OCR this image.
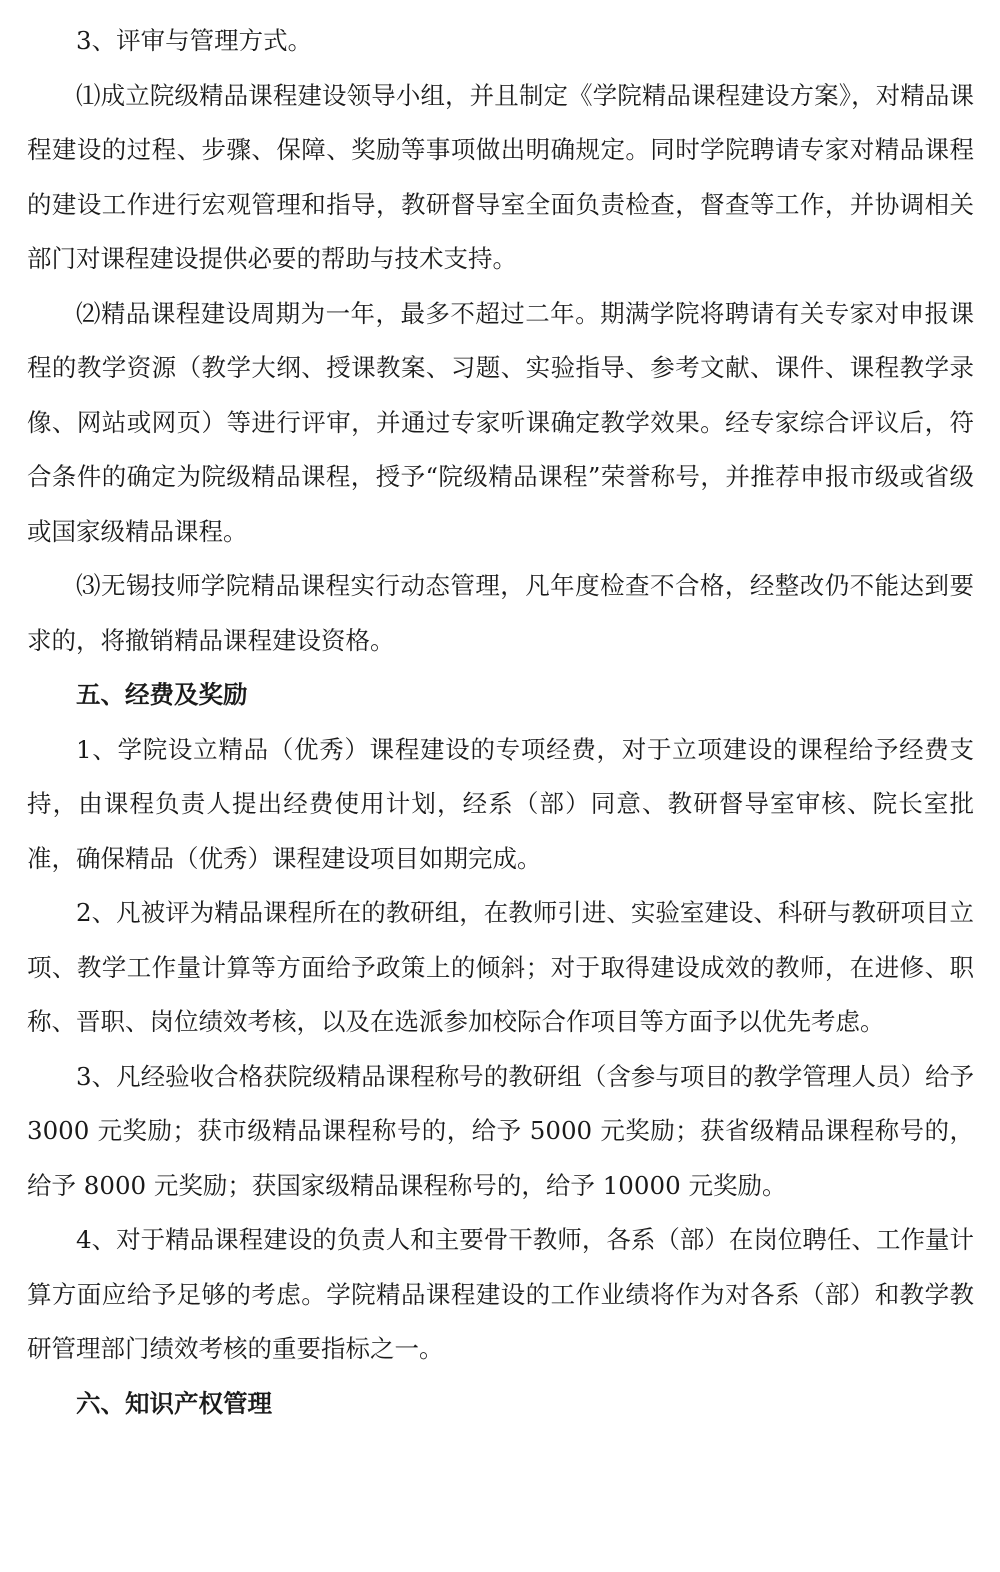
3、评审与管理方式。

⑴成立院级精品课程建设领导小组，并且制定《学院精品课程建设方案》，对精品课程建设的过程、步骤、保障、奖励等事项做出明确规定。同时学院聘请专家对精品课程的建设工作进行宏观管理和指导，教研督导室全面负责检查，督查等工作，并协调相关部门对课程建设提供必要的帮助与技术支持。

⑵精品课程建设周期为一年，最多不超过二年。期满学院将聘请有关专家对申报课程的教学资源（教学大纲、授课教案、习题、实验指导、参考文献、课件、课程教学录像、网站或网页）等进行评审，并通过专家听课确定教学效果。经专家综合评议后，符合条件的确定为院级精品课程，授予“院级精品课程”荣誉称号，并推荐申报市级或省级或国家级精品课程。

⑶无锡技师学院精品课程实行动态管理，凡年度检查不合格，经整改仍不能达到要求的，将撤销精品课程建设资格。

五、经费及奖励

1、学院设立精品（优秀）课程建设的专项经费，对于立项建设的课程给予经费支持，由课程负责人提出经费使用计划，经系（部）同意、教研督导室审核、院长室批准，确保精品（优秀）课程建设项目如期完成。

2、凡被评为精品课程所在的教研组，在教师引进、实验室建设、科研与教研项目立项、教学工作量计算等方面给予政策上的倾斜；对于取得建设成效的教师，在进修、职称、晋职、岗位绩效考核，以及在选派参加校际合作项目等方面予以优先考虑。

3、凡经验收合格获院级精品课程称号的教研组（含参与项目的教学管理人员）给予 3000 元奖励；获市级精品课程称号的，给予 5000 元奖励；获省级精品课程称号的，给予 8000 元奖励；获国家级精品课程称号的，给予 10000 元奖励。

4、对于精品课程建设的负责人和主要骨干教师，各系（部）在岗位聘任、工作量计算方面应给予足够的考虑。学院精品课程建设的工作业绩将作为对各系（部）和教学教研管理部门绩效考核的重要指标之一。

六、知识产权管理
